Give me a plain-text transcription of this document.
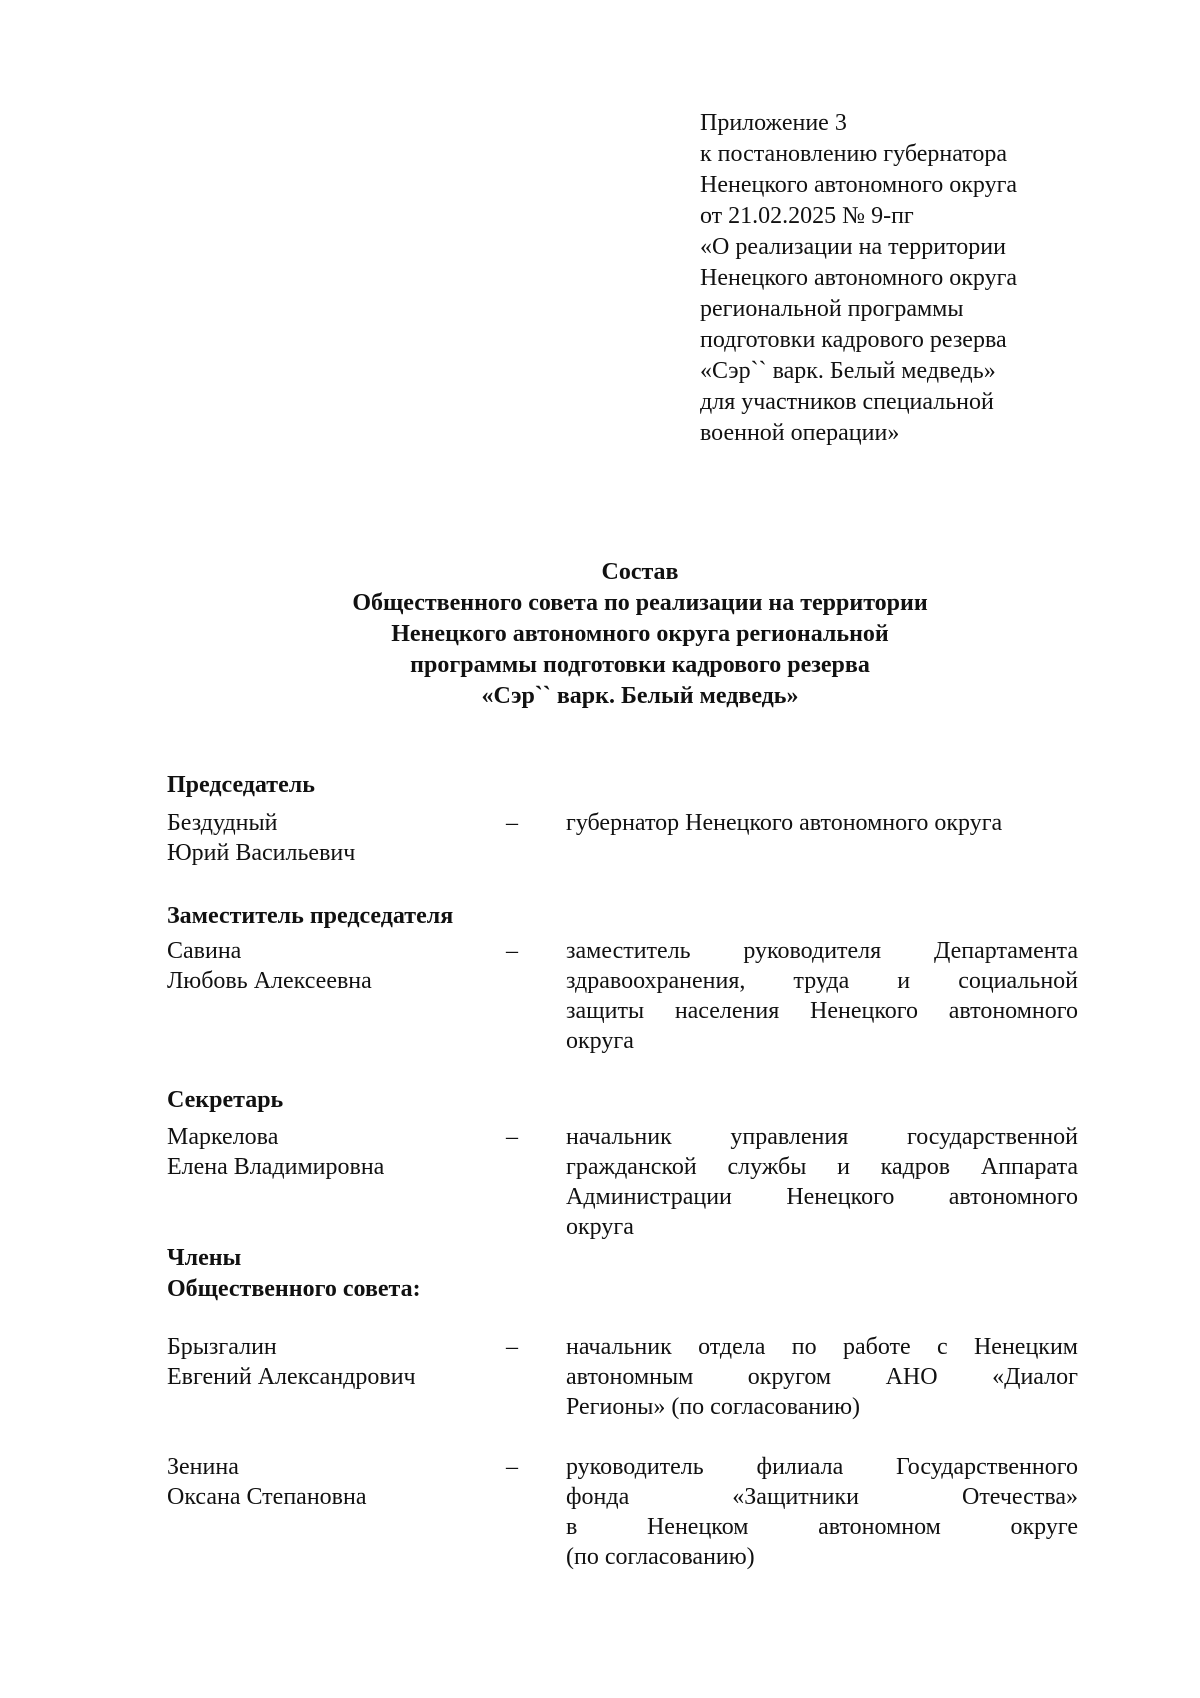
Приложение 3
к постановлению губернатора
Ненецкого автономного округа
от 21.02.2025 № 9-пг
«О реализации на территории
Ненецкого автономного округа
региональной программы
подготовки кадрового резерва
«Сэр`` варк. Белый медведь»
для участников специальной
военной операции»
Состав
Общественного совета по реализации на территории
Ненецкого автономного округа региональной
программы подготовки кадрового резерва
«Сэр`` варк. Белый медведь»
Председатель
Бездудный
Юрий Васильевич
– губернатор Ненецкого автономного округа
Заместитель председателя
Савина
Любовь Алексеевна
– заместитель руководителя Департамента
здравоохранения, труда и социальной
защиты населения Ненецкого автономного
округа
Секретарь
Маркелова
Елена Владимировна
– начальник управления государственной
гражданской службы и кадров Аппарата
Администрации Ненецкого автономного
округа
Члены
Общественного совета:
Брызгалин
Евгений Александрович
– начальник отдела по работе с Ненецким
автономным округом АНО «Диалог
Регионы» (по согласованию)
Зенина
Оксана Степановна
– руководитель филиала Государственного
фонда «Защитники Отечества»
в Ненецком автономном округе
(по согласованию)
